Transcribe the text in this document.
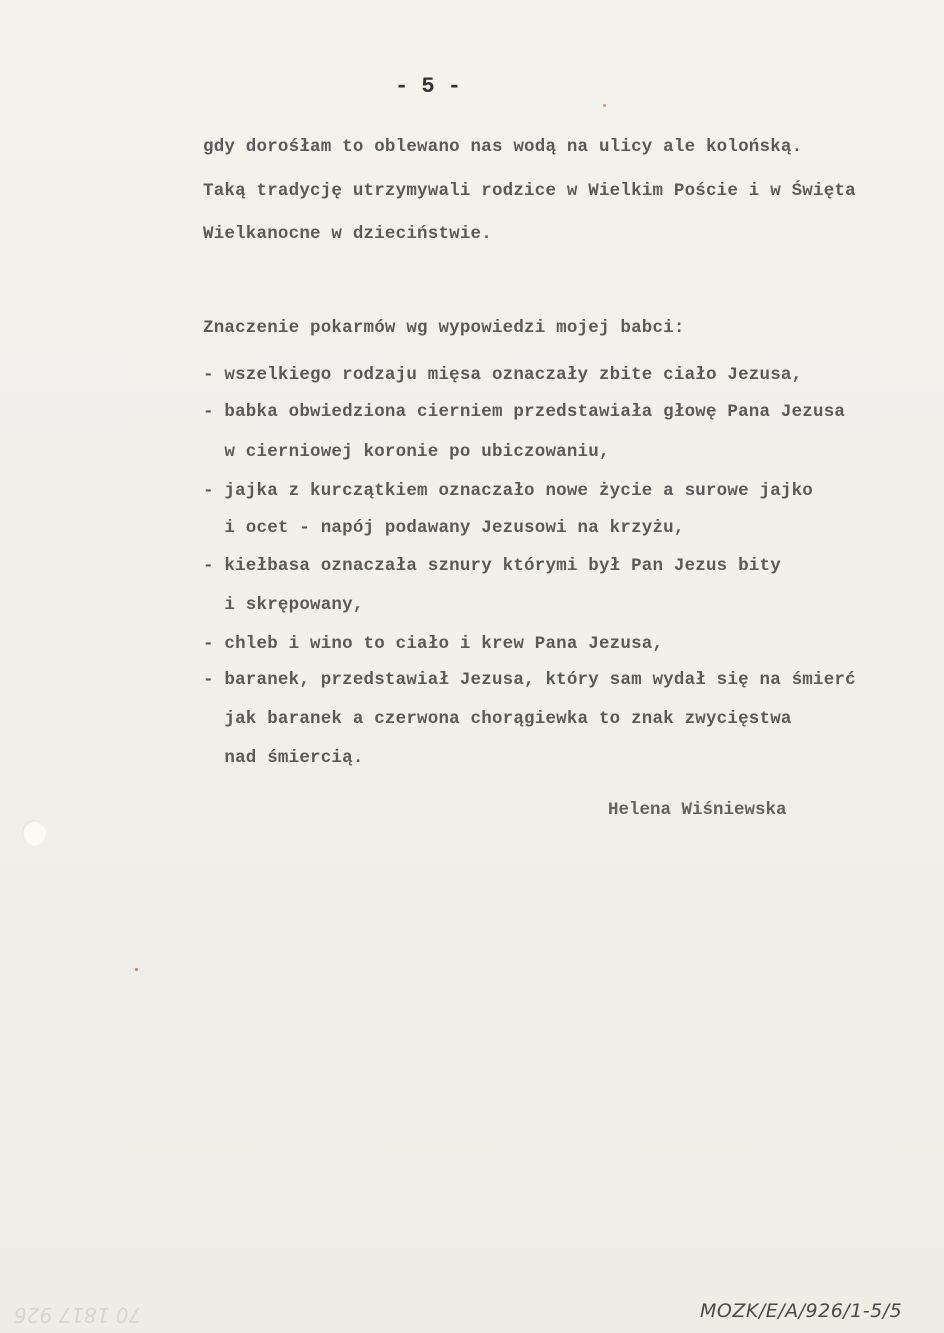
- 5 -
gdy dorośłam to oblewano nas wodą na ulicy ale kolońską.
Taką tradycję utrzymywali rodzice w Wielkim Poście i w Święta
Wielkanocne w dzieciństwie.
Znaczenie pokarmów wg wypowiedzi mojej babci:
- wszelkiego rodzaju mięsa oznaczały zbite ciało Jezusa,
- babka obwiedziona cierniem przedstawiała głowę Pana Jezusa
w cierniowej koronie po ubiczowaniu,
- jajka z kurczątkiem oznaczało nowe życie a surowe jajko
i ocet - napój podawany Jezusowi na krzyżu,
- kiełbasa oznaczała sznury którymi był Pan Jezus bity
i skrępowany,
- chleb i wino to ciało i krew Pana Jezusa,
- baranek, przedstawiał Jezusa, który sam wydał się na śmierć
jak baranek a czerwona chorągiewka to znak zwycięstwa
nad śmiercią.
Helena Wiśniewska
70 1817 926	MOZK/E/A/926/1-5/5
